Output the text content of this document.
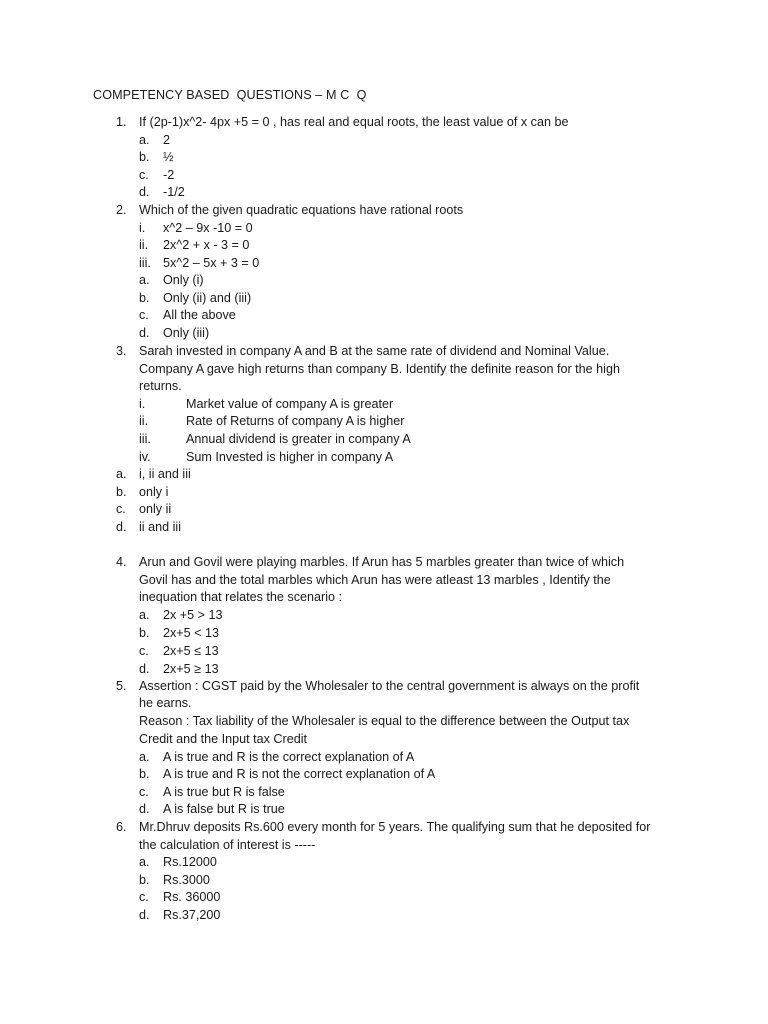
COMPETENCY BASED  QUESTIONS – M C  Q
1. If (2p-1)x^2- 4px +5 = 0 , has real and equal roots, the least value of x can be
a. 2
b. ½
c. -2
d. -1/2
2. Which of the given quadratic equations have rational roots
i. x^2 – 9x -10 = 0
ii. 2x^2 + x - 3 = 0
iii. 5x^2 – 5x + 3 = 0
a. Only (i)
b. Only (ii) and (iii)
c. All the above
d. Only (iii)
3. Sarah invested in company A and B at the same rate of dividend and Nominal Value.
Company A gave high returns than company B. Identify the definite reason for the high
returns.
i.	Market value of company A is greater
ii.	Rate of Returns of company A is higher
iii.	Annual dividend is greater in company A
iv.	Sum Invested is higher in company A
a. i, ii and iii
b. only i
c. only ii
d. ii and iii
4. Arun and Govil were playing marbles. If Arun has 5 marbles greater than twice of which
Govil has and the total marbles which Arun has were atleast 13 marbles , Identify the
inequation that relates the scenario :
a. 2x +5 > 13
b. 2x+5 < 13
c. 2x+5 ≤ 13
d. 2x+5 ≥ 13
5. Assertion : CGST paid by the Wholesaler to the central government is always on the profit
he earns.
Reason : Tax liability of the Wholesaler is equal to the difference between the Output tax
Credit and the Input tax Credit
a. A is true and R is the correct explanation of A
b. A is true and R is not the correct explanation of A
c. A is true but R is false
d. A is false but R is true
6. Mr.Dhruv deposits Rs.600 every month for 5 years. The qualifying sum that he deposited for
the calculation of interest is -----
a. Rs.12000
b. Rs.3000
c. Rs. 36000
d. Rs.37,200
